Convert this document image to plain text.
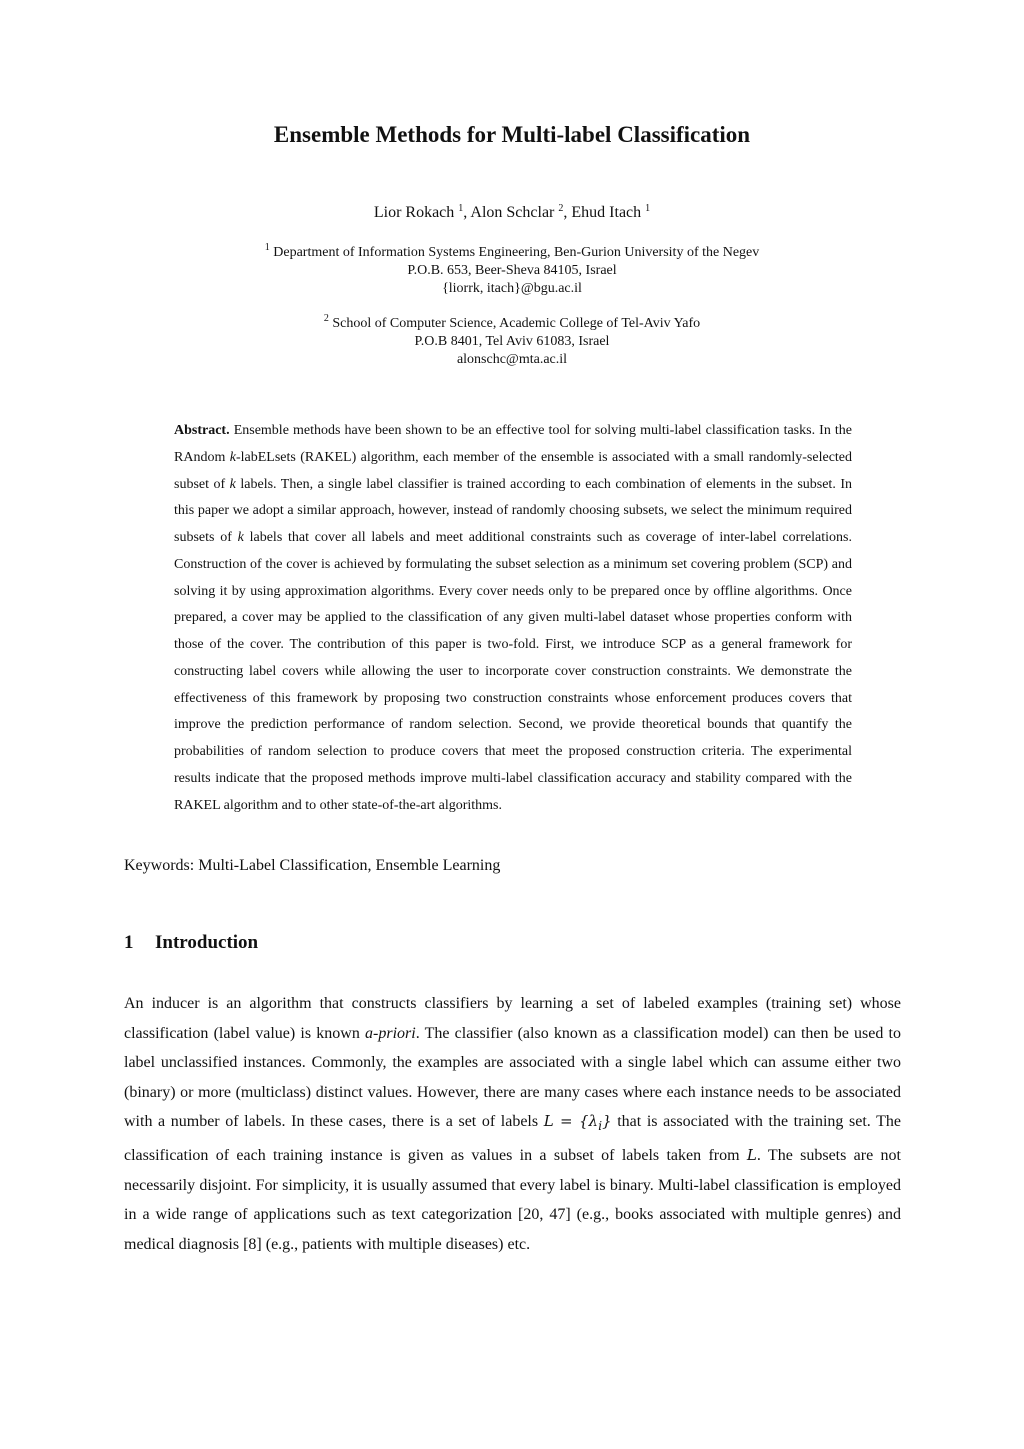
Ensemble Methods for Multi-label Classification
Lior Rokach $^1$, Alon Schclar $^2$, Ehud Itach $^1$
$^1$ Department of Information Systems Engineering, Ben-Gurion University of the Negev
P.O.B. 653, Beer-Sheva 84105, Israel
{liorrk, itach}@bgu.ac.il
$^2$ School of Computer Science, Academic College of Tel-Aviv Yafo
P.O.B 8401, Tel Aviv 61083, Israel
alonschc@mta.ac.il

Abstract. Ensemble methods have been shown to be an effective tool for solving multi-label classification tasks. In the RAndom k-labELsets (RAKEL) algorithm, each member of the ensemble is associated with a small randomly-selected subset of k labels. Then, a single label classifier is trained according to each combination of elements in the subset. In this paper we adopt a similar approach, however, instead of randomly choosing subsets, we select the minimum required subsets of k labels that cover all labels and meet additional constraints such as coverage of inter-label correlations. Construction of the cover is achieved by formulating the subset selection as a minimum set covering problem (SCP) and solving it by using approximation algorithms. Every cover needs only to be prepared once by offline algorithms. Once prepared, a cover may be applied to the classification of any given multi-label dataset whose properties conform with those of the cover. The contribution of this paper is two-fold. First, we introduce SCP as a general framework for constructing label covers while allowing the user to incorporate cover construction constraints. We demonstrate the effectiveness of this framework by proposing two construction constraints whose enforcement produces covers that improve the prediction performance of random selection. Second, we provide theoretical bounds that quantify the probabilities of random selection to produce covers that meet the proposed construction criteria. The experimental results indicate that the proposed methods improve multi-label classification accuracy and stability compared with the RAKEL algorithm and to other state-of-the-art algorithms.

Keywords: Multi-Label Classification, Ensemble Learning

1 Introduction

An inducer is an algorithm that constructs classifiers by learning a set of labeled examples (training set) whose classification (label value) is known a-priori. The classifier (also known as a classification model) can then be used to label unclassified instances. Commonly, the examples are associated with a single label which can assume either two (binary) or more (multiclass) distinct values. However, there are many cases where each instance needs to be associated with a number of labels. In these cases, there is a set of labels $L = \{\lambda_i\}$ that is associated with the training set. The classification of each training instance is given as values in a subset of labels taken from L. The subsets are not necessarily disjoint. For simplicity, it is usually assumed that every label is binary. Multi-label classification is employed in a wide range of applications such as text categorization [20, 47] (e.g., books associated with multiple genres) and medical diagnosis [8] (e.g., patients with multiple diseases) etc.
